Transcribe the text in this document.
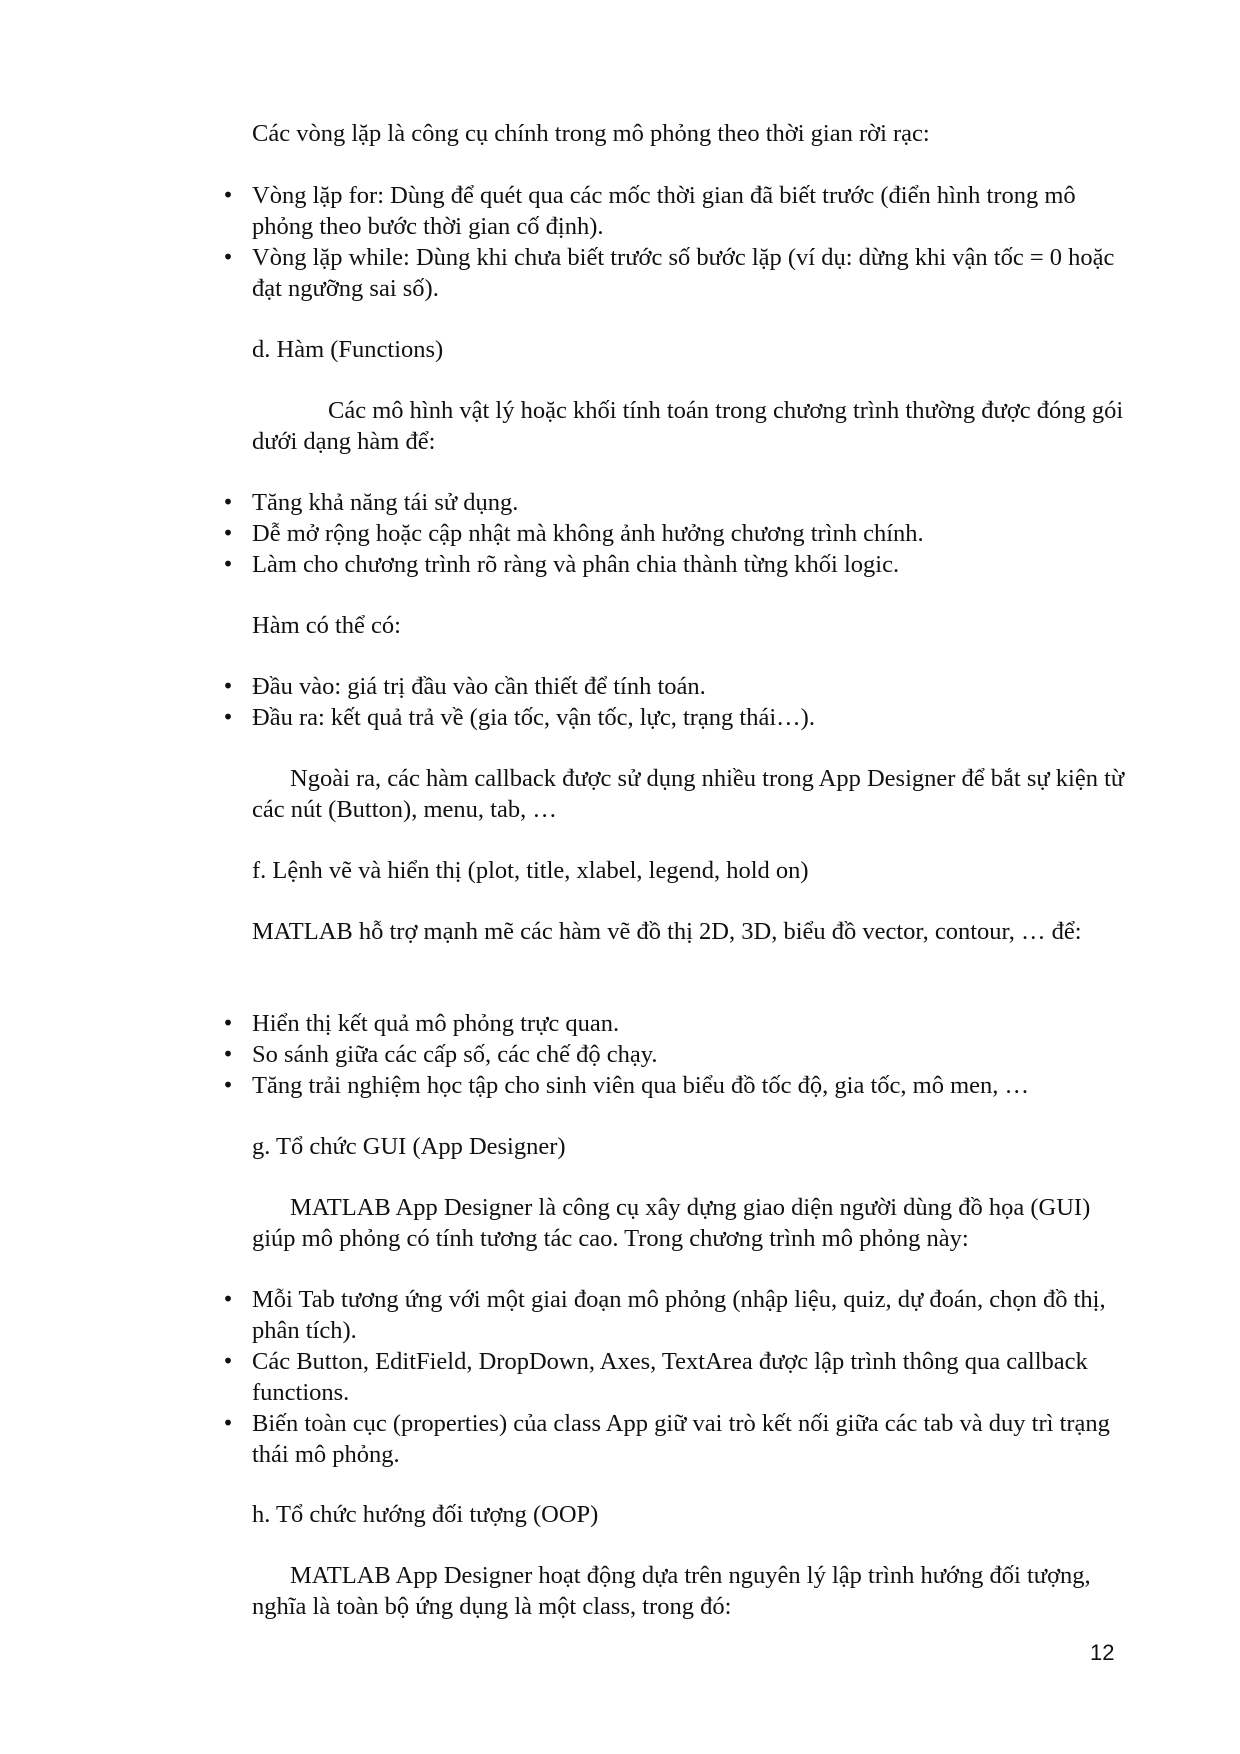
Các vòng lặp là công cụ chính trong mô phỏng theo thời gian rời rạc:

• Vòng lặp for: Dùng để quét qua các mốc thời gian đã biết trước (điển hình trong mô phỏng theo bước thời gian cố định).
• Vòng lặp while: Dùng khi chưa biết trước số bước lặp (ví dụ: dừng khi vận tốc = 0 hoặc đạt ngưỡng sai số).

d. Hàm (Functions)

Các mô hình vật lý hoặc khối tính toán trong chương trình thường được đóng gói dưới dạng hàm để:

• Tăng khả năng tái sử dụng.
• Dễ mở rộng hoặc cập nhật mà không ảnh hưởng chương trình chính.
• Làm cho chương trình rõ ràng và phân chia thành từng khối logic.

Hàm có thể có:

• Đầu vào: giá trị đầu vào cần thiết để tính toán.
• Đầu ra: kết quả trả về (gia tốc, vận tốc, lực, trạng thái…).

Ngoài ra, các hàm callback được sử dụng nhiều trong App Designer để bắt sự kiện từ các nút (Button), menu, tab, …

f. Lệnh vẽ và hiển thị (plot, title, xlabel, legend, hold on)

MATLAB hỗ trợ mạnh mẽ các hàm vẽ đồ thị 2D, 3D, biểu đồ vector, contour, … để:

• Hiển thị kết quả mô phỏng trực quan.
• So sánh giữa các cấp số, các chế độ chạy.
• Tăng trải nghiệm học tập cho sinh viên qua biểu đồ tốc độ, gia tốc, mô men, …

g. Tổ chức GUI (App Designer)

MATLAB App Designer là công cụ xây dựng giao diện người dùng đồ họa (GUI) giúp mô phỏng có tính tương tác cao. Trong chương trình mô phỏng này:

• Mỗi Tab tương ứng với một giai đoạn mô phỏng (nhập liệu, quiz, dự đoán, chọn đồ thị, phân tích).
• Các Button, EditField, DropDown, Axes, TextArea được lập trình thông qua callback functions.
• Biến toàn cục (properties) của class App giữ vai trò kết nối giữa các tab và duy trì trạng thái mô phỏng.

h. Tổ chức hướng đối tượng (OOP)

MATLAB App Designer hoạt động dựa trên nguyên lý lập trình hướng đối tượng, nghĩa là toàn bộ ứng dụng là một class, trong đó:

12
